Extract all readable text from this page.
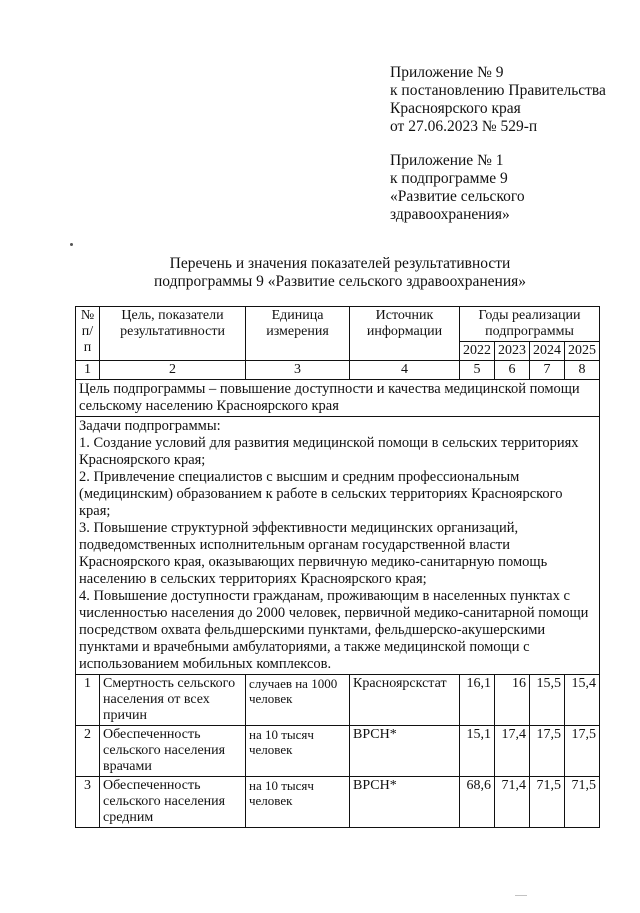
Приложение № 9
к постановлению Правительства
Красноярского края
от 27.06.2023 № 529-п
Приложение № 1
к подпрограмме 9
«Развитие сельского
здравоохранения»
Перечень и значения показателей результативности
подпрограммы 9 «Развитие сельского здравоохранения»
№ п/п	Цель, показатели результативности	Единица измерения	Источник информации	Годы реализации подпрограммы			
				2022	2023	2024	2025
1	2	3	4	5	6	7	8
Цель подпрограммы – повышение доступности и качества медицинской помощи сельскому населению Красноярского края							

Задачи подпрограммы:
1. Создание условий для развития медицинской помощи в сельских территориях Красноярского края;
2. Привлечение специалистов с высшим и средним профессиональным (медицинским) образованием к работе в сельских территориях Красноярского края;
3. Повышение структурной эффективности медицинских организаций, подведомственных исполнительным органам государственной власти Красноярского края, оказывающих первичную медико-санитарную помощь населению в сельских территориях Красноярского края;
4. Повышение доступности гражданам, проживающим в населенных пунктах с численностью населения до 2000 человек, первичной медико-санитарной помощи посредством охвата фельдшерскими пунктами, фельдшерско-акушерскими пунктами и врачебными амбулаториями, а также медицинской помощи с использованием мобильных комплексов.							

1	Смертность сельского населения от всех причин	случаев на 1000 человек	Красноярскстат	16,1	16	15,5	15,4
2	Обеспеченность сельского населения врачами	на 10 тысяч человек	ВРСН*	15,1	17,4	17,5	17,5
3	Обеспеченность сельского населения средним	на 10 тысяч человек	ВРСН*	68,6	71,4	71,5	71,5
